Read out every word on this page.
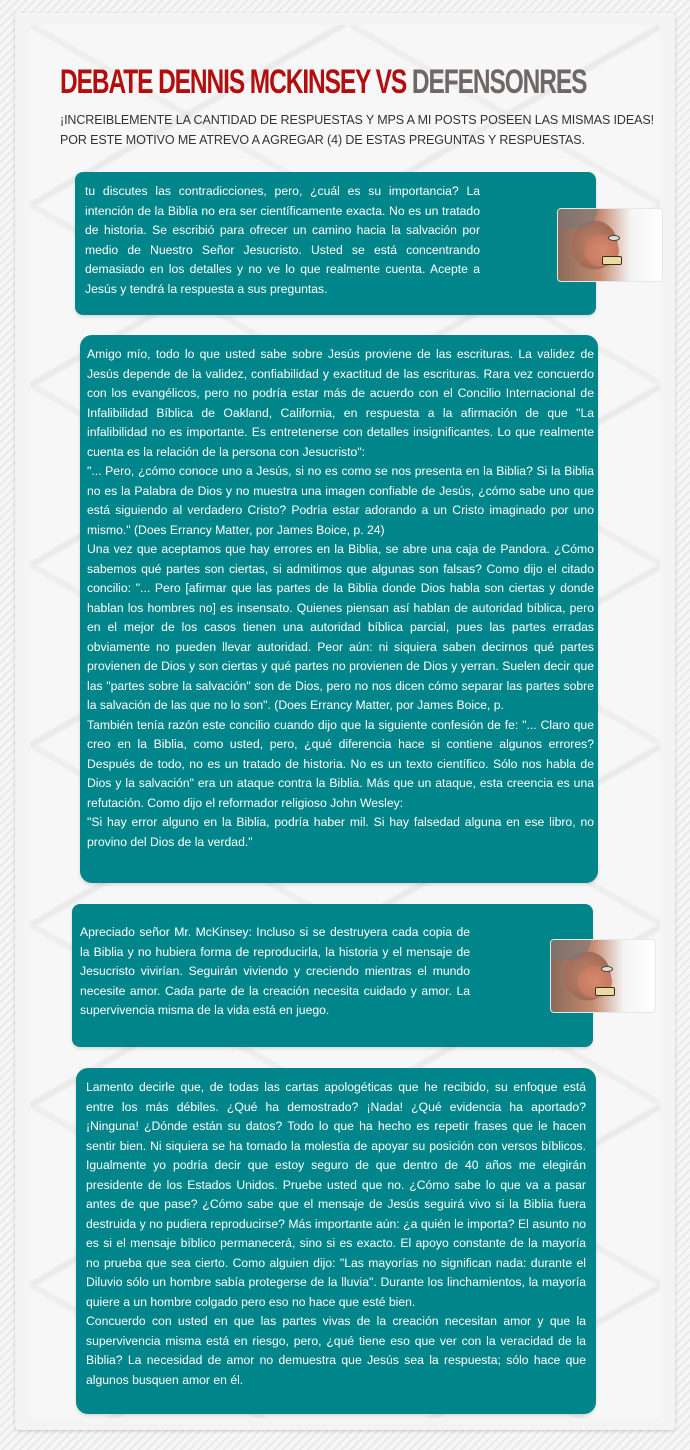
DEBATE DENNIS MCKINSEY VS DEFENSONRES
¡INCREIBLEMENTE LA CANTIDAD DE RESPUESTAS Y MPS A MI POSTS POSEEN LAS MISMAS IDEAS!
POR ESTE MOTIVO ME ATREVO A AGREGAR (4) DE ESTAS PREGUNTAS Y RESPUESTAS.

tu discutes las contradicciones, pero, ¿cuál es su importancia? La intención de la Biblia no era ser científicamente exacta. No es un tratado de historia. Se escribió para ofrecer un camino hacia la salvación por medio de Nuestro Señor Jesucristo. Usted se está concentrando demasiado en los detalles y no ve lo que realmente cuenta. Acepte a Jesús y tendrá la respuesta a sus preguntas.

Amigo mío, todo lo que usted sabe sobre Jesús proviene de las escrituras. La validez de Jesús depende de la validez, confiabilidad y exactitud de las escrituras. Rara vez concuerdo con los evangélicos, pero no podría estar más de acuerdo con el Concilio Internacional de Infalibilidad Bíblica de Oakland, California, en respuesta a la afirmación de que "La infalibilidad no es importante. Es entretenerse con detalles insignificantes. Lo que realmente cuenta es la relación de la persona con Jesucristo":
"... Pero, ¿cómo conoce uno a Jesús, si no es como se nos presenta en la Biblia? Si la Biblia no es la Palabra de Dios y no muestra una imagen confiable de Jesús, ¿cómo sabe uno que está siguiendo al verdadero Cristo? Podría estar adorando a un Cristo imaginado por uno mismo." (Does Errancy Matter, por James Boice, p. 24)
Una vez que aceptamos que hay errores en la Biblia, se abre una caja de Pandora. ¿Cómo sabemos qué partes son ciertas, si admitimos que algunas son falsas? Como dijo el citado concilio: "... Pero [afirmar que las partes de la Biblia donde Dios habla son ciertas y donde hablan los hombres no] es insensato. Quienes piensan así hablan de autoridad bíblica, pero en el mejor de los casos tienen una autoridad bíblica parcial, pues las partes erradas obviamente no pueden llevar autoridad. Peor aún: ni siquiera saben decirnos qué partes provienen de Dios y son ciertas y qué partes no provienen de Dios y yerran. Suelen decir que las "partes sobre la salvación" son de Dios, pero no nos dicen cómo separar las partes sobre la salvación de las que no lo son". (Does Errancy Matter, por James Boice, p.
También tenía razón este concilio cuando dijo que la siguiente confesión de fe: "... Claro que creo en la Biblia, como usted, pero, ¿qué diferencia hace si contiene algunos errores? Después de todo, no es un tratado de historia. No es un texto científico. Sólo nos habla de Dios y la salvación" era un ataque contra la Biblia. Más que un ataque, esta creencia es una refutación. Como dijo el reformador religioso John Wesley:
"Si hay error alguno en la Biblia, podría haber mil. Si hay falsedad alguna en ese libro, no provino del Dios de la verdad."

Apreciado señor Mr. McKinsey: Incluso si se destruyera cada copia de la Biblia y no hubiera forma de reproducirla, la historia y el mensaje de Jesucristo vivirían. Seguirán viviendo y creciendo mientras el mundo necesite amor. Cada parte de la creación necesita cuidado y amor. La supervivencia misma de la vida está en juego.

Lamento decirle que, de todas las cartas apologéticas que he recibido, su enfoque está entre los más débiles. ¿Qué ha demostrado? ¡Nada! ¿Qué evidencia ha aportado? ¡Ninguna! ¿Dónde están su datos? Todo lo que ha hecho es repetir frases que le hacen sentir bien. Ni siquiera se ha tomado la molestia de apoyar su posición con versos bíblicos. Igualmente yo podría decir que estoy seguro de que dentro de 40 años me elegirán presidente de los Estados Unidos. Pruebe usted que no. ¿Cómo sabe lo que va a pasar antes de que pase? ¿Cómo sabe que el mensaje de Jesús seguirá vivo si la Biblia fuera destruida y no pudiera reproducirse? Más importante aún: ¿a quién le importa? El asunto no es si el mensaje bíblico permanecerá, sino si es exacto. El apoyo constante de la mayoría no prueba que sea cierto. Como alguien dijo: "Las mayorías no significan nada: durante el Diluvio sólo un hombre sabía protegerse de la lluvia". Durante los linchamientos, la mayoría quiere a un hombre colgado pero eso no hace que esté bien.
Concuerdo con usted en que las partes vivas de la creación necesitan amor y que la supervivencia misma está en riesgo, pero, ¿qué tiene eso que ver con la veracidad de la Biblia? La necesidad de amor no demuestra que Jesús sea la respuesta; sólo hace que algunos busquen amor en él.
